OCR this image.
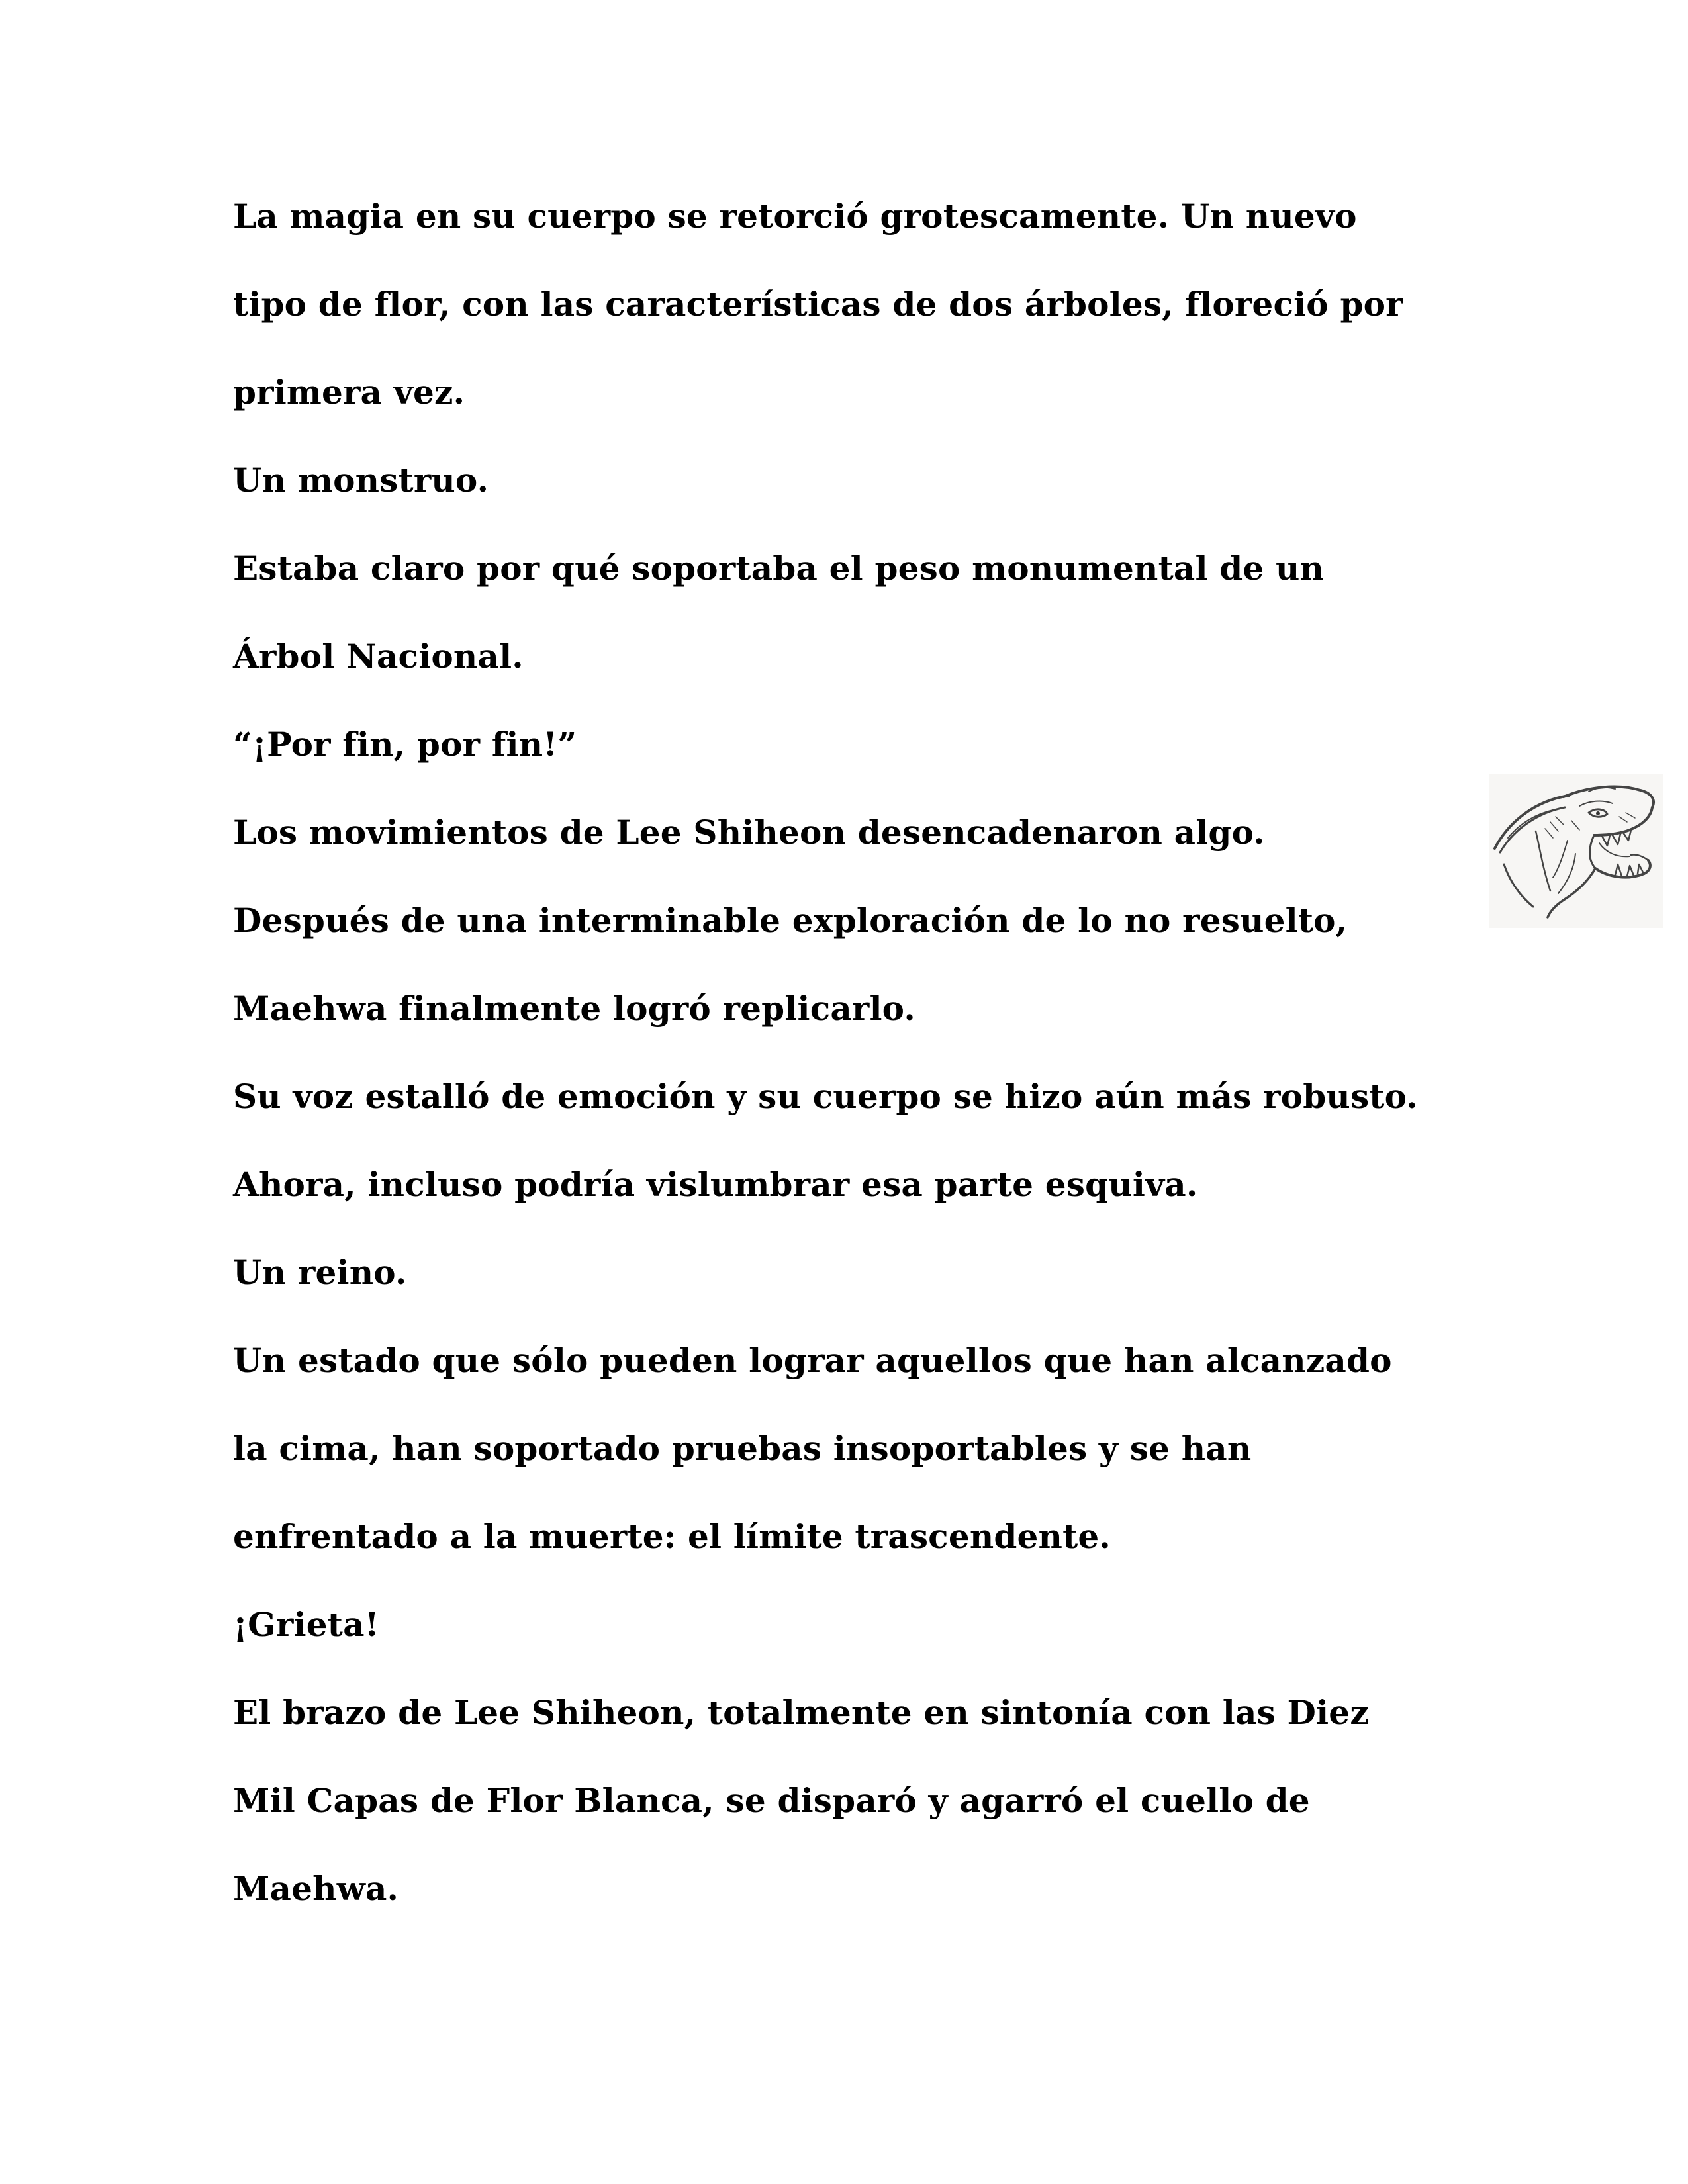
La magia en su cuerpo se retorció grotescamente. Un nuevo
tipo de flor, con las características de dos árboles, floreció por
primera vez.
Un monstruo.
Estaba claro por qué soportaba el peso monumental de un
Árbol Nacional.
“¡Por fin, por fin!”
Los movimientos de Lee Shiheon desencadenaron algo.
Después de una interminable exploración de lo no resuelto,
Maehwa finalmente logró replicarlo.
Su voz estalló de emoción y su cuerpo se hizo aún más robusto.
Ahora, incluso podría vislumbrar esa parte esquiva.
Un reino.
Un estado que sólo pueden lograr aquellos que han alcanzado
la cima, han soportado pruebas insoportables y se han
enfrentado a la muerte: el límite trascendente.
¡Grieta!
El brazo de Lee Shiheon, totalmente en sintonía con las Diez
Mil Capas de Flor Blanca, se disparó y agarró el cuello de
Maehwa.
